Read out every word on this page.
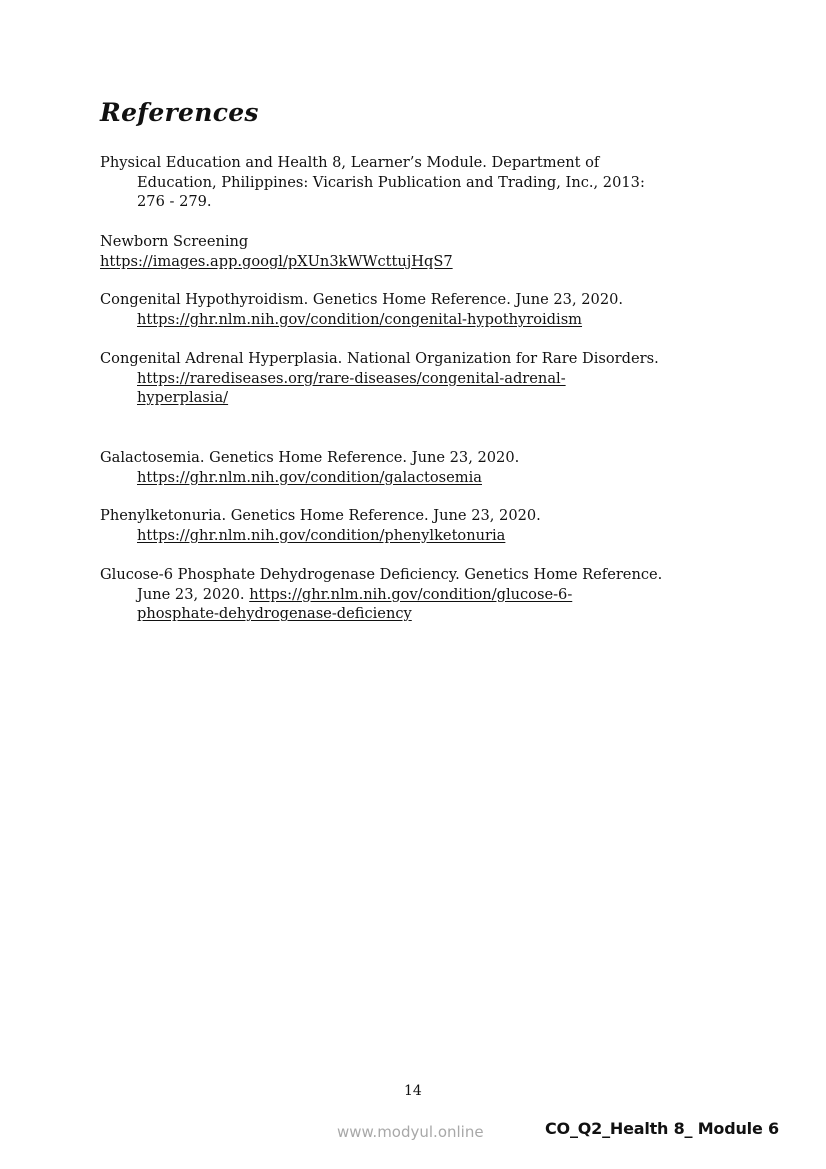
References
Physical Education and Health 8, Learner’s Module. Department of
Education, Philippines: Vicarish Publication and Trading, Inc., 2013:
276 - 279.
Newborn Screening
https://images.app.googl/pXUn3kWWcttujHqS7
Congenital Hypothyroidism. Genetics Home Reference. June 23, 2020.
https://ghr.nlm.nih.gov/condition/congenital-hypothyroidism
Congenital Adrenal Hyperplasia. National Organization for Rare Disorders.
https://rarediseases.org/rare-diseases/congenital-adrenal-
hyperplasia/
Galactosemia. Genetics Home Reference. June 23, 2020.
https://ghr.nlm.nih.gov/condition/galactosemia
Phenylketonuria. Genetics Home Reference. June 23, 2020.
https://ghr.nlm.nih.gov/condition/phenylketonuria
Glucose-6 Phosphate Dehydrogenase Deficiency. Genetics Home Reference.
June 23, 2020. https://ghr.nlm.nih.gov/condition/glucose-6-
phosphate-dehydrogenase-deficiency
14
www.modyul.online	CO_Q2_Health 8_ Module 6
